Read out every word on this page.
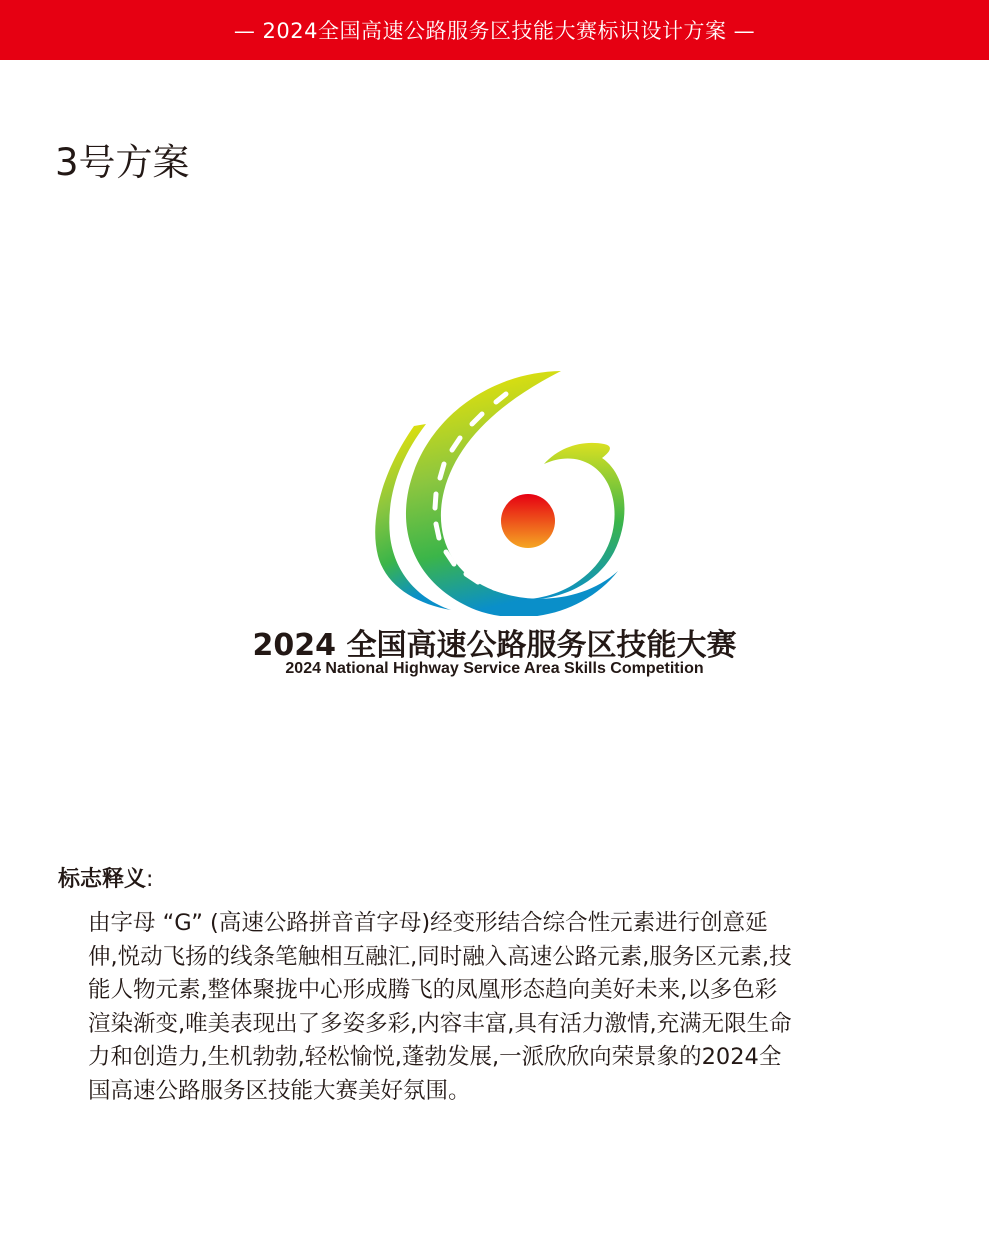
— 2024全国高速公路服务区技能大赛标识设计方案 —
3号方案
2024 全国高速公路服务区技能大赛
2024 National Highway Service Area Skills Competition
标志释义:
由字母 “G” (高速公路拼音首字母)经变形结合综合性元素进行创意延
伸,悦动飞扬的线条笔触相互融汇,同时融入高速公路元素,服务区元素,技
能人物元素,整体聚拢中心形成腾飞的凤凰形态趋向美好未来,以多色彩
渲染渐变,唯美表现出了多姿多彩,内容丰富,具有活力激情,充满无限生命
力和创造力,生机勃勃,轻松愉悦,蓬勃发展,一派欣欣向荣景象的2024全
国高速公路服务区技能大赛美好氛围。
